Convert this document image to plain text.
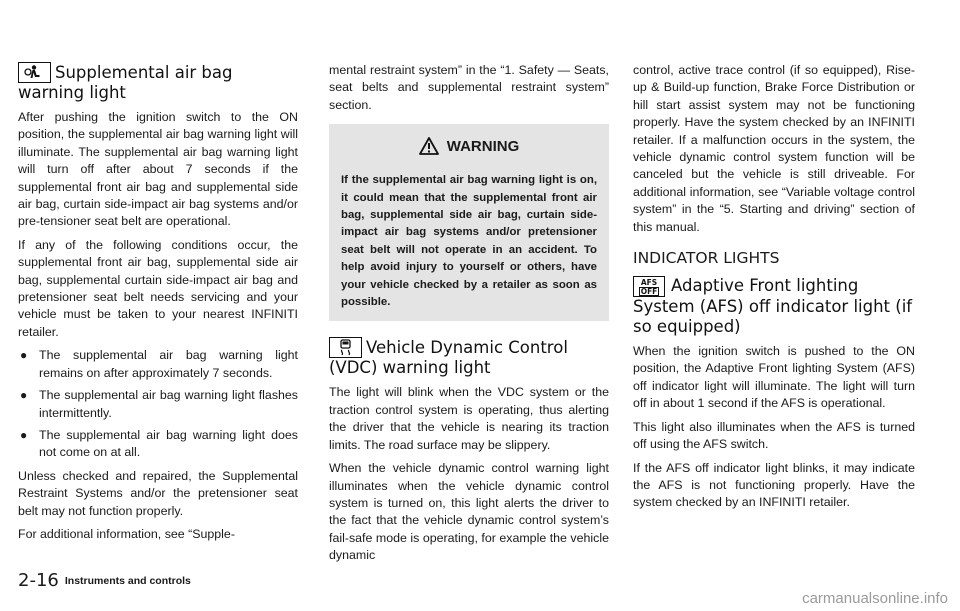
Supplemental air bag warning light

After pushing the ignition switch to the ON position, the supplemental air bag warning light will illuminate. The supplemental air bag warning light will turn off after about 7 seconds if the supplemental front air bag and supplemental side air bag, curtain side-impact air bag systems and/or pre-tensioner seat belt are operational.

If any of the following conditions occur, the supplemental front air bag, supplemental side air bag, supplemental curtain side-impact air bag and pretensioner seat belt needs servicing and your vehicle must be taken to your nearest INFINITI retailer.

● The supplemental air bag warning light remains on after approximately 7 seconds.
● The supplemental air bag warning light flashes intermittently.
● The supplemental air bag warning light does not come on at all.

Unless checked and repaired, the Supplemental Restraint Systems and/or the pretensioner seat belt may not function properly.

For additional information, see “Supple-

mental restraint system” in the “1. Safety — Seats, seat belts and supplemental restraint system” section.

WARNING

If the supplemental air bag warning light is on, it could mean that the supplemental front air bag, supplemental side air bag, curtain side-impact air bag systems and/or pretensioner seat belt will not operate in an accident. To help avoid injury to yourself or others, have your vehicle checked by a retailer as soon as possible.

Vehicle Dynamic Control (VDC) warning light

The light will blink when the VDC system or the traction control system is operating, thus alerting the driver that the vehicle is nearing its traction limits. The road surface may be slippery.

When the vehicle dynamic control warning light illuminates when the vehicle dynamic control system is turned on, this light alerts the driver to the fact that the vehicle dynamic control system’s fail-safe mode is operating, for example the vehicle dynamic

control, active trace control (if so equipped), Rise-up & Build-up function, Brake Force Distribution or hill start assist system may not be functioning properly. Have the system checked by an INFINITI retailer. If a malfunction occurs in the system, the vehicle dynamic control system function will be canceled but the vehicle is still driveable. For additional information, see “Variable voltage control system” in the “5. Starting and driving” section of this manual.

INDICATOR LIGHTS
AFS
OFF Adaptive Front lighting System (AFS) off indicator light (if so equipped)

When the ignition switch is pushed to the ON position, the Adaptive Front lighting System (AFS) off indicator light will illuminate. The light will turn off in about 1 second if the AFS is operational.

This light also illuminates when the AFS is turned off using the AFS switch.

If the AFS off indicator light blinks, it may indicate the AFS is not functioning properly. Have the system checked by an INFINITI retailer.

2-16 Instruments and controls
carmanualsonline.info
